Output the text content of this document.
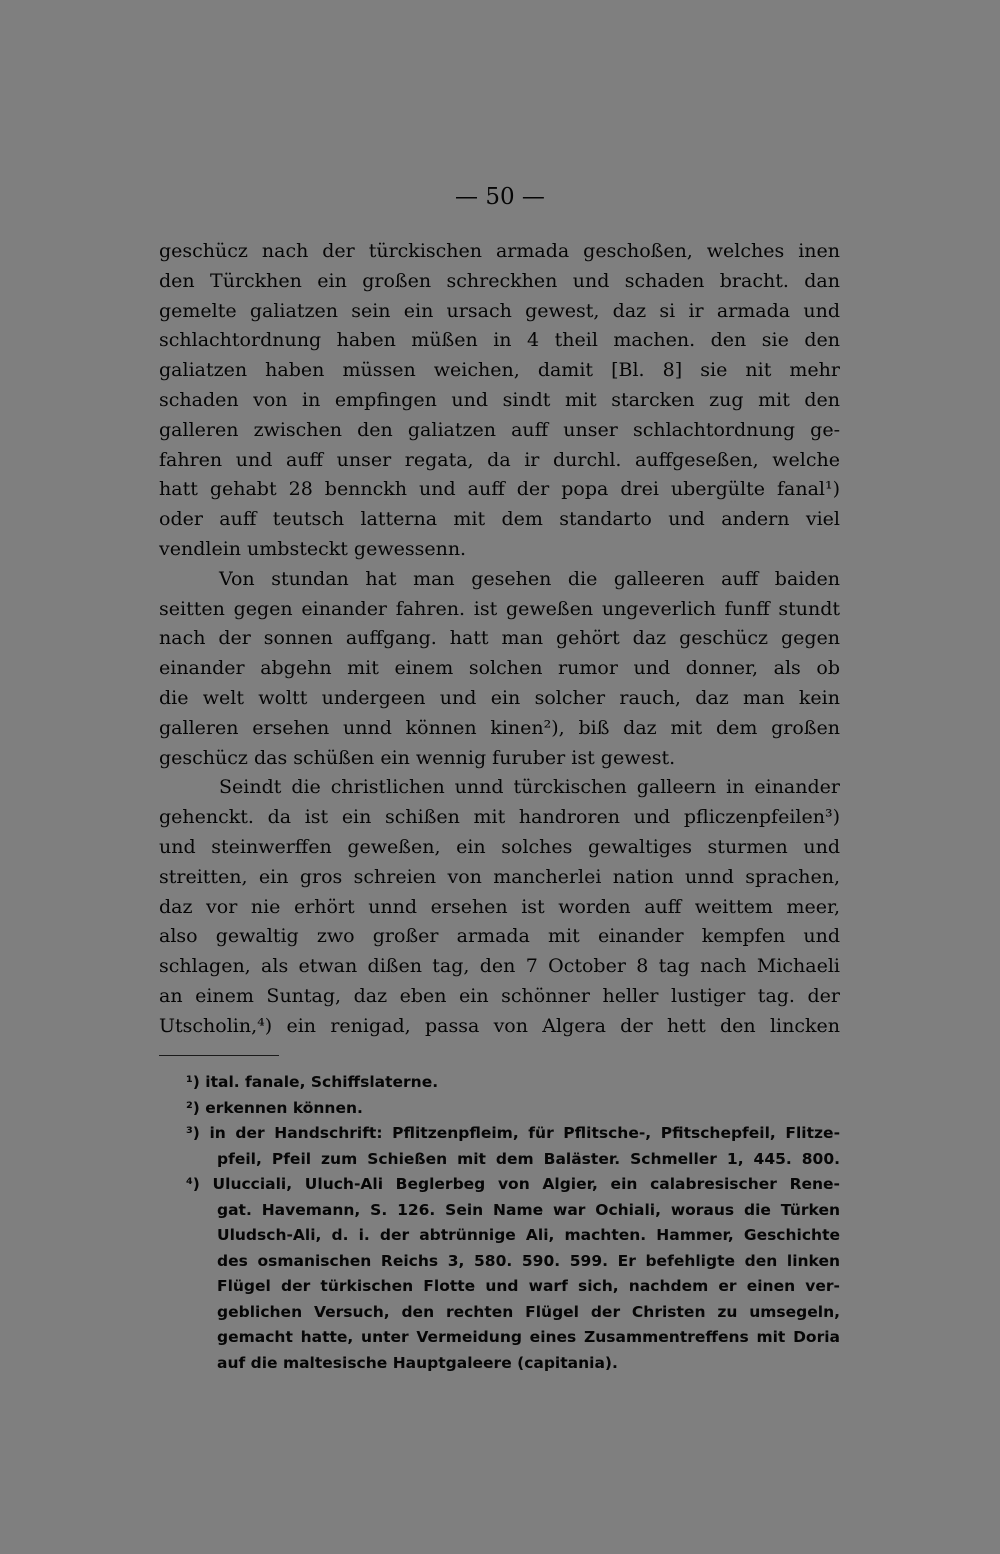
— 50 —
geschücz nach der türckischen armada geschoßen, welches inen
den Türckhen ein großen schreckhen und schaden bracht. dan
gemelte galiatzen sein ein ursach gewest, daz si ir armada und
schlachtordnung haben müßen in 4 theil machen. den sie den
galiatzen haben müssen weichen, damit [Bl. 8] sie nit mehr
schaden von in empfingen und sindt mit starcken zug mit den
galleren zwischen den galiatzen auff unser schlachtordnung ge-
fahren und auff unser regata, da ir durchl. auffgeseßen, welche
hatt gehabt 28 bennckh und auff der popa drei ubergülte fanal¹)
oder auff teutsch latterna mit dem standarto und andern viel
vendlein umbsteckt gewessenn.
Von stundan hat man gesehen die galleeren auff baiden
seitten gegen einander fahren. ist geweßen ungeverlich funff stundt
nach der sonnen auffgang. hatt man gehört daz geschücz gegen
einander abgehn mit einem solchen rumor und donner, als ob
die welt woltt undergeen und ein solcher rauch, daz man kein
galleren ersehen unnd können kinen²), biß daz mit dem großen
geschücz das schüßen ein wennig furuber ist gewest.
Seindt die christlichen unnd türckischen galleern in einander
gehenckt. da ist ein schißen mit handroren und pfliczenpfeilen³)
und steinwerffen geweßen, ein solches gewaltiges sturmen und
streitten, ein gros schreien von mancherlei nation unnd sprachen,
daz vor nie erhört unnd ersehen ist worden auff weittem meer,
also gewaltig zwo großer armada mit einander kempfen und
schlagen, als etwan dißen tag, den 7 October 8 tag nach Michaeli
an einem Suntag, daz eben ein schönner heller lustiger tag. der
Utscholin,⁴) ein renigad, passa von Algera der hett den lincken
¹) ital. fanale, Schiffslaterne.
²) erkennen können.
³) in der Handschrift: Pflitzenpfleim, für Pflitsche-, Pfitschepfeil, Flitze-
pfeil, Pfeil zum Schießen mit dem Baläster. Schmeller 1, 445. 800.
⁴) Ulucciali, Uluch-Ali Beglerbeg von Algier, ein calabresischer Rene-
gat. Havemann, S. 126. Sein Name war Ochiali, woraus die Türken
Uludsch-Ali, d. i. der abtrünnige Ali, machten. Hammer, Geschichte
des osmanischen Reichs 3, 580. 590. 599. Er befehligte den linken
Flügel der türkischen Flotte und warf sich, nachdem er einen ver-
geblichen Versuch, den rechten Flügel der Christen zu umsegeln,
gemacht hatte, unter Vermeidung eines Zusammentreffens mit Doria
auf die maltesische Hauptgaleere (capitania).
